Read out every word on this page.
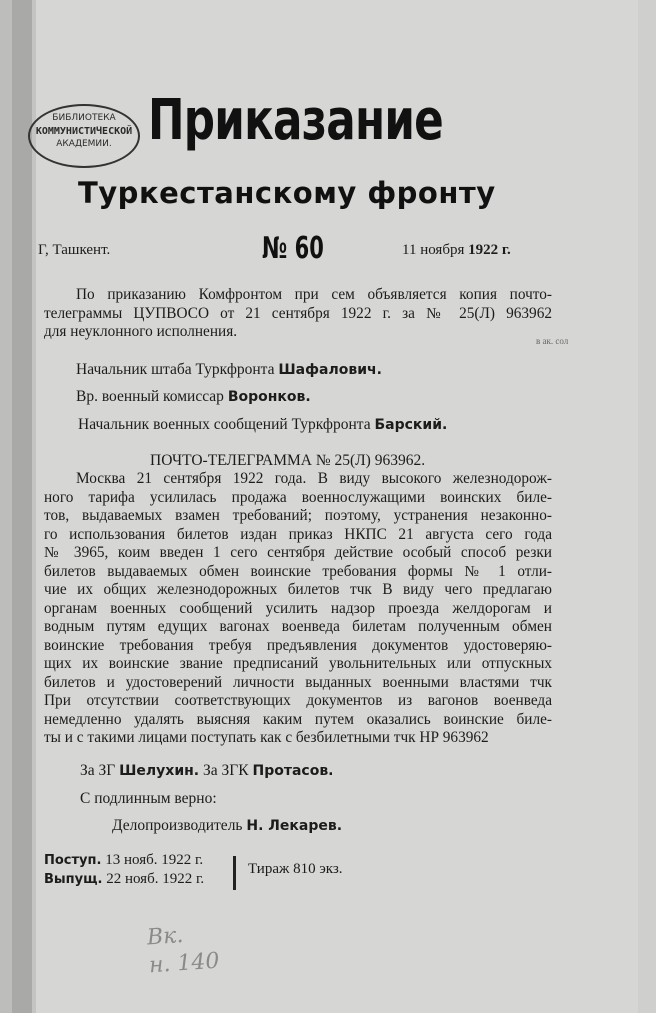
БИБЛИОТЕКА
КОММУНИСТИЧЕСКОЙ
АКАДЕМИИ. Приказание
Туркестанскому фронту
Г, Ташкент.	№ 60	11 ноября 1922 г.
По приказанию Комфронтом при сем объявляется копия почто-
телеграммы ЦУПВОСО от 21 сентября 1922 г. за № 25(Л) 963962
для неуклонного исполнения.
в ак. сол
Начальник штаба Туркфронта Шафалович.
Вр. военный комиссар Воронков.
Начальник военных сообщений Туркфронта Барский.
ПОЧТО-ТЕЛЕГРАММА № 25(Л) 963962.
Москва 21 сентября 1922 года. В виду высокого железнодорож-
ного тарифа усилилась продажа военнослужащими воинских биле-
тов, выдаваемых взамен требований; поэтому, устранения незаконно-
го использования билетов издан приказ НКПС 21 августа сего года
№ 3965, коим введен 1 сего сентября действие особый способ резки
билетов выдаваемых обмен воинские требования формы № 1 отли-
чие их общих железнодорожных билетов тчк В виду чего предлагаю
органам военных сообщений усилить надзор проезда желдорогам и
водным путям едущих вагонах военведа билетам полученным обмен
воинские требования требуя предъявления документов удостоверяю-
щих их воинские звание предписаний увольнительных или отпускных
билетов и удостоверений личности выданных военными властями тчк
При отсутствии соответствующих документов из вагонов военведа
немедленно удалять выясняя каким путем оказались воинские биле-
ты и с такими лицами поступать как с безбилетными тчк НР 963962
За ЗГ Шелухин. За ЗГК Протасов.
С подлинным верно:
Делопроизводитель Н. Лекарев.
Поступ. 13 нояб. 1922 г.
Выпущ. 22 нояб. 1922 г.
Тираж 810 экз.
Вк.
н. 140
